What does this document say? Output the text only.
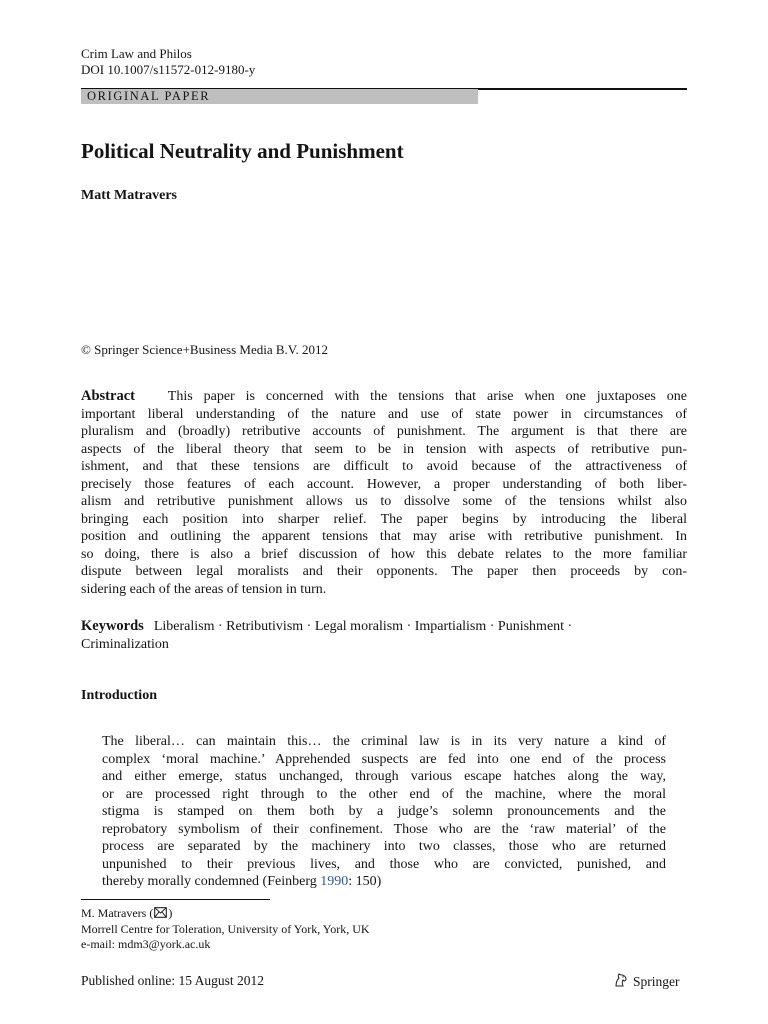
Crim Law and Philos
DOI 10.1007/s11572-012-9180-y
ORIGINAL PAPER
Political Neutrality and Punishment
Matt Matravers
© Springer Science+Business Media B.V. 2012
Abstract This paper is concerned with the tensions that arise when one juxtaposes one
important liberal understanding of the nature and use of state power in circumstances of
pluralism and (broadly) retributive accounts of punishment. The argument is that there are
aspects of the liberal theory that seem to be in tension with aspects of retributive pun-
ishment, and that these tensions are difficult to avoid because of the attractiveness of
precisely those features of each account. However, a proper understanding of both liber-
alism and retributive punishment allows us to dissolve some of the tensions whilst also
bringing each position into sharper relief. The paper begins by introducing the liberal
position and outlining the apparent tensions that may arise with retributive punishment. In
so doing, there is also a brief discussion of how this debate relates to the more familiar
dispute between legal moralists and their opponents. The paper then proceeds by con-
sidering each of the areas of tension in turn.
Keywords Liberalism · Retributivism · Legal moralism · Impartialism · Punishment ·
Criminalization
Introduction
The liberal… can maintain this… the criminal law is in its very nature a kind of
complex ‘moral machine.’ Apprehended suspects are fed into one end of the process
and either emerge, status unchanged, through various escape hatches along the way,
or are processed right through to the other end of the machine, where the moral
stigma is stamped on them both by a judge’s solemn pronouncements and the
reprobatory symbolism of their confinement. Those who are the ‘raw material’ of the
process are separated by the machinery into two classes, those who are returned
unpunished to their previous lives, and those who are convicted, punished, and
thereby morally condemned (Feinberg 1990: 150)
M. Matravers ( )
Morrell Centre for Toleration, University of York, York, UK
e-mail: mdm3@york.ac.uk
Published online: 15 August 2012	Springer
